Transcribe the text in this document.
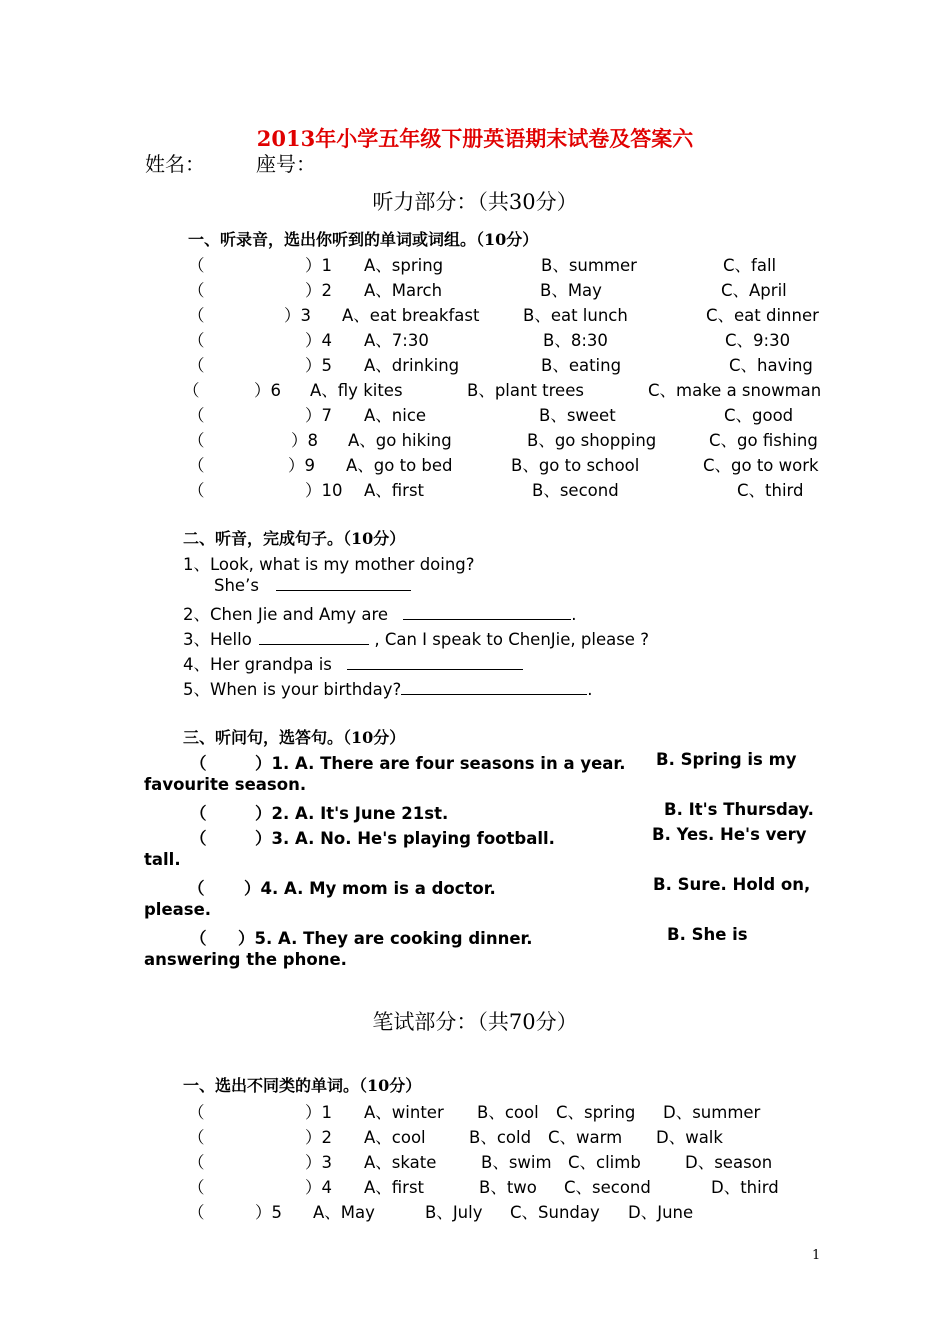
2013年小学五年级下册英语期末试卷及答案六
姓名：	座号：
听力部分：（共30分）
一、听录音，选出你听到的单词或词组。（10分）
（	）1 A、spring	B、summer	C、fall
（	）2 A、March	B、May	C、April
（	）3 A、eat breakfast	B、eat lunch	C、eat dinner
（	）4 A、7:30	B、8:30	C、9:30
（	）5 A、drinking	B、eating	C、having
（	）6 A、fly kites	B、plant trees	C、make a snowman
（	）7 A、nice	B、sweet	C、good
（	）8 A、go hiking	B、go shopping	C、go fishing
（	）9 A、go to bed	B、go to school	C、go to work
（	）10 A、first	B、second	C、third
二、听音，完成句子。（10分）
1、Look, what is my mother doing?
She’s
2、Chen Jie and Amy are	.
3、Hello	, Can I speak to ChenJie, please ?
4、Her grandpa is
5、When is your birthday?	.
三、听问句，选答句。（10分）
（	）1. A. There are four seasons in a year. B. Spring is my
favourite season.
（	）2. A. It's June 21st.	B. It's Thursday.
（	）3. A. No. He's playing football.	B. Yes. He's very
tall.
（ ）4. A. My mom is a doctor.	B. Sure. Hold on,
please.
（ ）5. A. They are cooking dinner.	B. She is
answering the phone.
笔试部分：（共70分）
一、选出不同类的单词。（10分）
（	）1 A、winter B、cool C、spring D、summer
（	）2 A、cool	B、cold C、warm D、walk
（	）3 A、skate	B、swim C、climb	D、season
（	）4 A、first	B、two C、second	D、third
（	）5 A、May	B、July C、Sunday D、June
1
